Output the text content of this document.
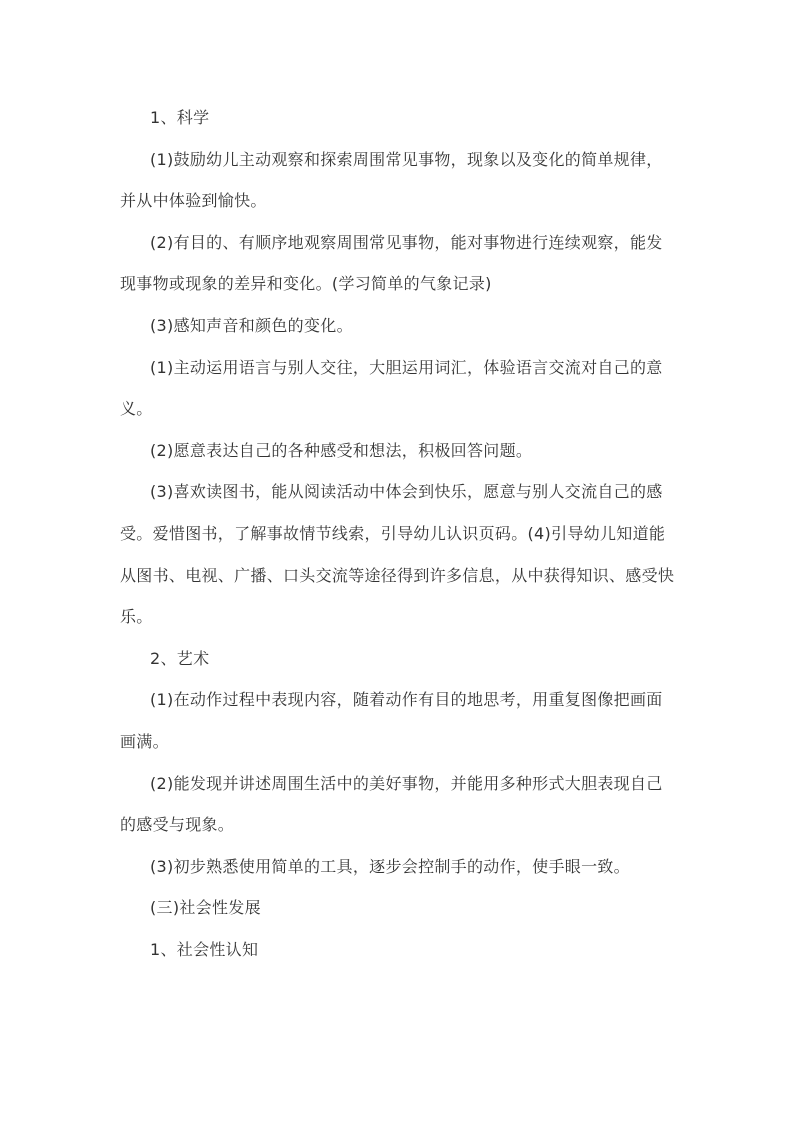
1、科学

(1)鼓励幼儿主动观察和探索周围常见事物，现象以及变化的简单规律，并从中体验到愉快。

(2)有目的、有顺序地观察周围常见事物，能对事物进行连续观察，能发现事物或现象的差异和变化。(学习简单的气象记录)

(3)感知声音和颜色的变化。

(1)主动运用语言与别人交往，大胆运用词汇，体验语言交流对自己的意义。

(2)愿意表达自己的各种感受和想法，积极回答问题。

(3)喜欢读图书，能从阅读活动中体会到快乐，愿意与别人交流自己的感受。爱惜图书，了解事故情节线索，引导幼儿认识页码。(4)引导幼儿知道能从图书、电视、广播、口头交流等途径得到许多信息，从中获得知识、感受快乐。

2、艺术

(1)在动作过程中表现内容，随着动作有目的地思考，用重复图像把画面画满。

(2)能发现并讲述周围生活中的美好事物，并能用多种形式大胆表现自己的感受与现象。

(3)初步熟悉使用简单的工具，逐步会控制手的动作，使手眼一致。

(三)社会性发展

1、社会性认知
